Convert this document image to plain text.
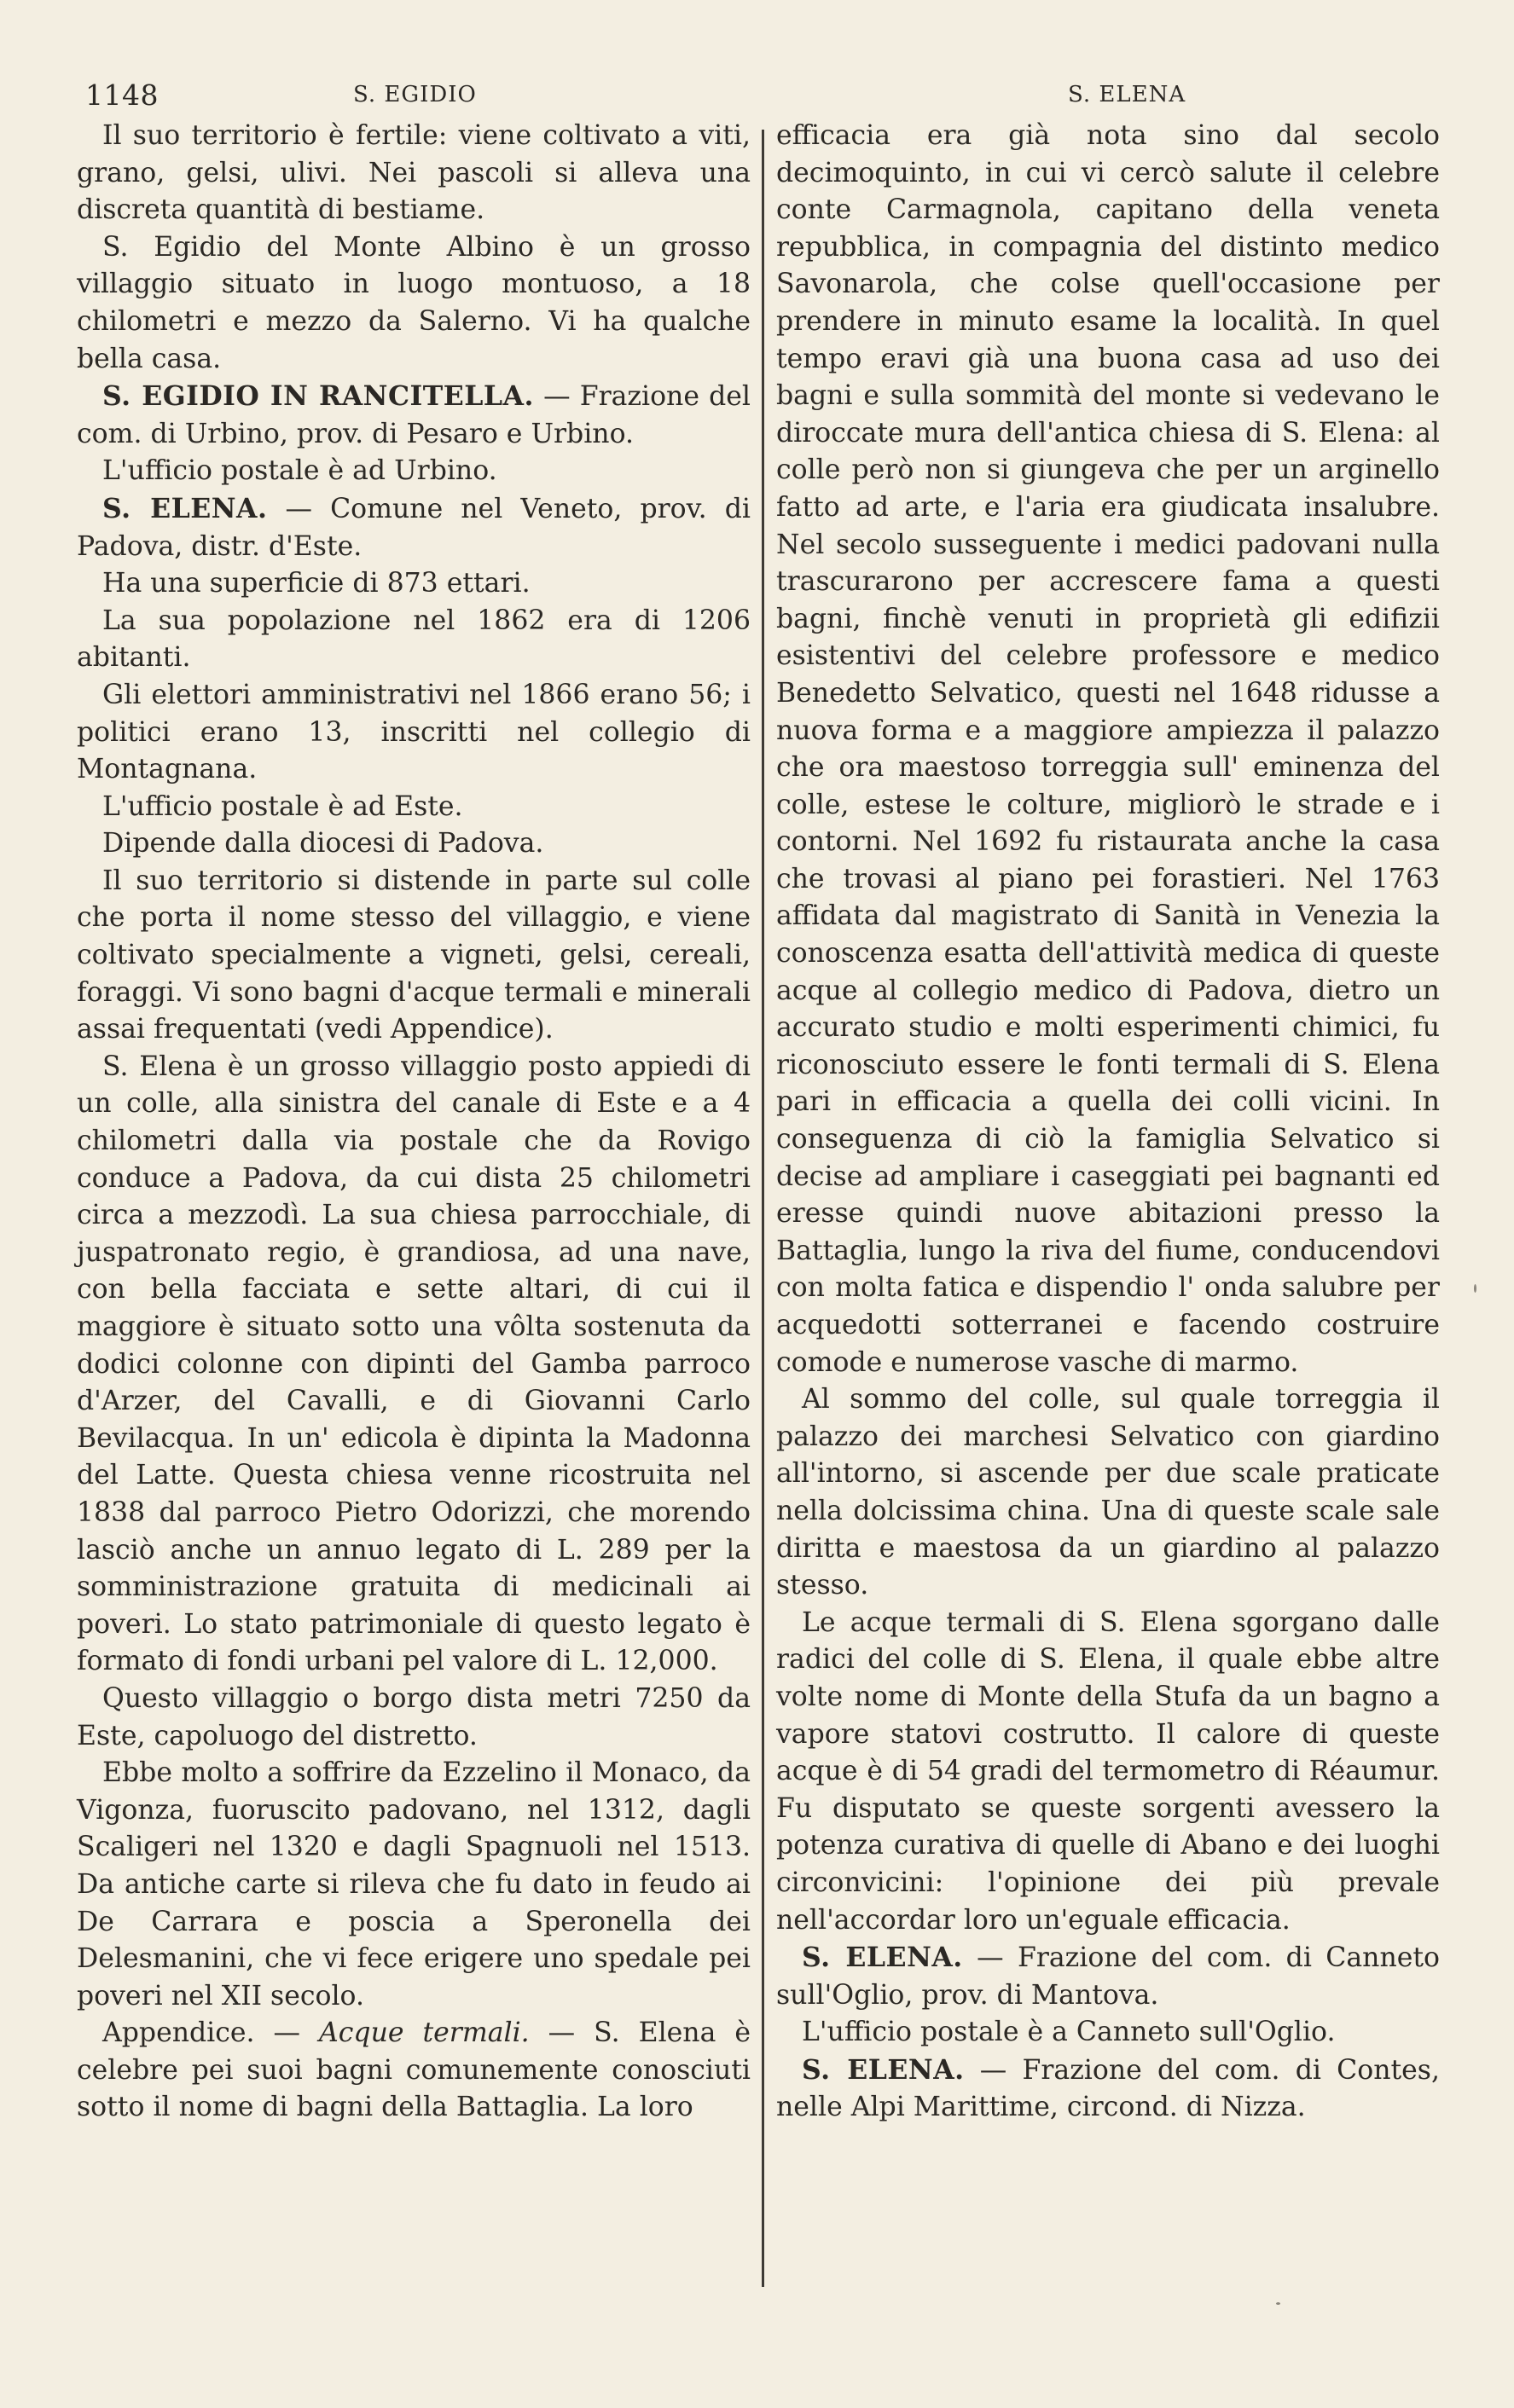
1148	S. EGIDIO	S. ELENA

Il suo territorio è fertile: viene coltivato a viti, grano, gelsi, ulivi. Nei pascoli si alleva una discreta quantità di bestiame.

S. Egidio del Monte Albino è un grosso villaggio situato in luogo montuoso, a 18 chilometri e mezzo da Salerno. Vi ha qualche bella casa.

S. EGIDIO IN RANCITELLA. — Frazione del com. di Urbino, prov. di Pesaro e Urbino.

L'ufficio postale è ad Urbino.

S. ELENA. — Comune nel Veneto, prov. di Padova, distr. d'Este.

Ha una superficie di 873 ettari.

La sua popolazione nel 1862 era di 1206 abitanti.

Gli elettori amministrativi nel 1866 erano 56; i politici erano 13, inscritti nel collegio di Montagnana.

L'ufficio postale è ad Este.

Dipende dalla diocesi di Padova.

Il suo territorio si distende in parte sul colle che porta il nome stesso del villaggio, e viene coltivato specialmente a vigneti, gelsi, cereali, foraggi. Vi sono bagni d'acque termali e minerali assai frequentati (vedi Appendice).

S. Elena è un grosso villaggio posto appiedi di un colle, alla sinistra del canale di Este e a 4 chilometri dalla via postale che da Rovigo conduce a Padova, da cui dista 25 chilometri circa a mezzodì. La sua chiesa parrocchiale, di juspatronato regio, è grandiosa, ad una nave, con bella facciata e sette altari, di cui il maggiore è situato sotto una vôlta sostenuta da dodici colonne con dipinti del Gamba parroco d'Arzer, del Cavalli, e di Giovanni Carlo Bevilacqua. In un' edicola è dipinta la Madonna del Latte. Questa chiesa venne ricostruita nel 1838 dal parroco Pietro Odorizzi, che morendo lasciò anche un annuo legato di L. 289 per la somministrazione gratuita di medicinali ai poveri. Lo stato patrimoniale di questo legato è formato di fondi urbani pel valore di L. 12,000.

Questo villaggio o borgo dista metri 7250 da Este, capoluogo del distretto.

Ebbe molto a soffrire da Ezzelino il Monaco, da Vigonza, fuoruscito padovano, nel 1312, dagli Scaligeri nel 1320 e dagli Spagnuoli nel 1513. Da antiche carte si rileva che fu dato in feudo ai De Carrara e poscia a Speronella dei Delesmanini, che vi fece erigere uno spedale pei poveri nel XII secolo.

Appendice. — Acque termali. — S. Elena è celebre pei suoi bagni comunemente conosciuti sotto il nome di bagni della Battaglia. La loro

efficacia era già nota sino dal secolo decimoquinto, in cui vi cercò salute il celebre conte Carmagnola, capitano della veneta repubblica, in compagnia del distinto medico Savonarola, che colse quell'occasione per prendere in minuto esame la località. In quel tempo eravi già una buona casa ad uso dei bagni e sulla sommità del monte si vedevano le diroccate mura dell'antica chiesa di S. Elena: al colle però non si giungeva che per un arginello fatto ad arte, e l'aria era giudicata insalubre. Nel secolo susseguente i medici padovani nulla trascurarono per accrescere fama a questi bagni, finchè venuti in proprietà gli edifizii esistentivi del celebre professore e medico Benedetto Selvatico, questi nel 1648 ridusse a nuova forma e a maggiore ampiezza il palazzo che ora maestoso torreggia sull' eminenza del colle, estese le colture, migliorò le strade e i contorni. Nel 1692 fu ristaurata anche la casa che trovasi al piano pei forastieri. Nel 1763 affidata dal magistrato di Sanità in Venezia la conoscenza esatta dell'attività medica di queste acque al collegio medico di Padova, dietro un accurato studio e molti esperimenti chimici, fu riconosciuto essere le fonti termali di S. Elena pari in efficacia a quella dei colli vicini. In conseguenza di ciò la famiglia Selvatico si decise ad ampliare i caseggiati pei bagnanti ed eresse quindi nuove abitazioni presso la Battaglia, lungo la riva del fiume, conducendovi con molta fatica e dispendio l' onda salubre per acquedotti sotterranei e facendo costruire comode e numerose vasche di marmo.

Al sommo del colle, sul quale torreggia il palazzo dei marchesi Selvatico con giardino all'intorno, si ascende per due scale praticate nella dolcissima china. Una di queste scale sale diritta e maestosa da un giardino al palazzo stesso.

Le acque termali di S. Elena sgorgano dalle radici del colle di S. Elena, il quale ebbe altre volte nome di Monte della Stufa da un bagno a vapore statovi costrutto. Il calore di queste acque è di 54 gradi del termometro di Réaumur. Fu disputato se queste sorgenti avessero la potenza curativa di quelle di Abano e dei luoghi circonvicini: l'opinione dei più prevale nell'accordar loro un'eguale efficacia.

S. ELENA. — Frazione del com. di Canneto sull'Oglio, prov. di Mantova.

L'ufficio postale è a Canneto sull'Oglio.

S. ELENA. — Frazione del com. di Contes, nelle Alpi Marittime, circond. di Nizza.
